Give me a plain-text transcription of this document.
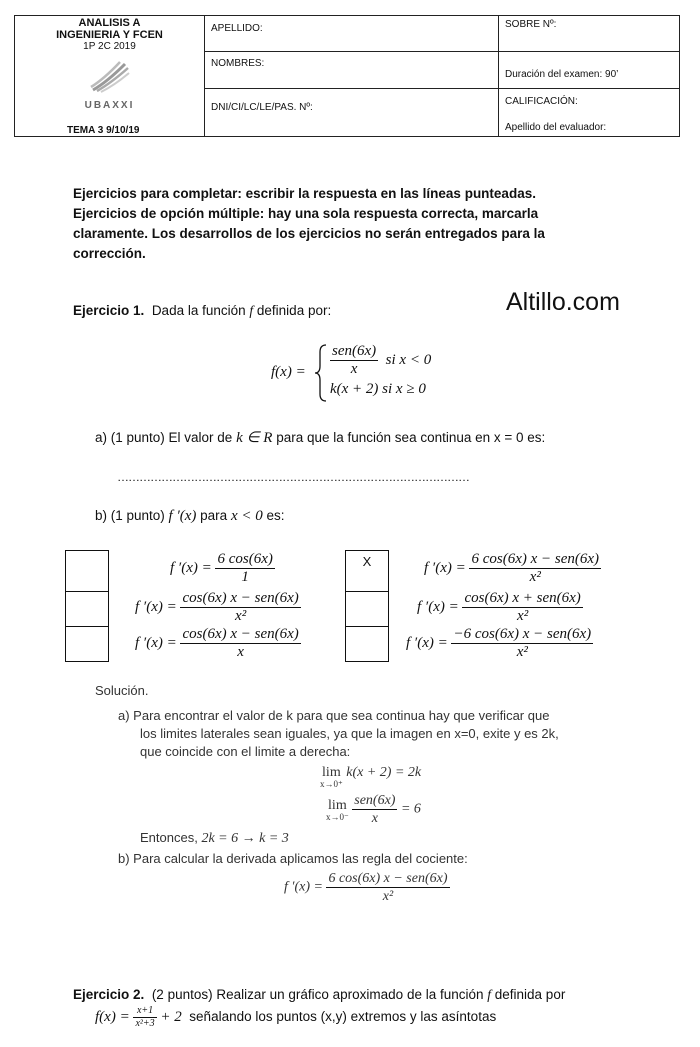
ANALISIS A
INGENIERIA Y FCEN
1P 2C 2019
UBAXXI
TEMA 3 9/10/19
APELLIDO:
NOMBRES:
DNI/CI/LC/LE/PAS. Nº:
SOBRE Nº:
Duración del examen: 90’
CALIFICACIÓN:
Apellido del evaluador:
Ejercicios para completar: escribir la respuesta en las líneas punteadas.
Ejercicios de opción múltiple: hay una sola respuesta correcta, marcarla
claramente. Los desarrollos de los ejercicios no serán entregados para la
corrección.
Altillo.com
Ejercicio 1. Dada la función f definida por:
$f(x) = \frac{\text{sen(6x)}}{x}$ si x < 0
k(x + 2) si x ≥ 0
a) (1 punto) El valor de k ∈ R para que la función sea continua en x = 0 es:
……………………………………………………………………………………
b) (1 punto) f ′(x) para x < 0 es:
f $'(x) = \frac{6 \cos(6x)}{1}$
f $'(x) = \frac{\text{cos(6x) x − sen(6x)}}{\text{x²}}$
f $'(x) = \frac{\text{cos(6x) x − sen(6x)}}{x}$
X	f $'(x) = \frac{\text{6 cos(6x) x − sen(6x)}}{\text{x²}}$
f $'(x) = \frac{\text{cos(6x) x + sen(6x)}}{\text{x²}}$
f $'(x) = \frac{\text{−6 cos(6x) x − sen(6x)}}{\text{x²}}$
Solución.
a) Para encontrar el valor de k para que sea continua hay que verificar que
los limites laterales sean iguales, ya que la imagen en x=0, exite y es 2k,
que coincide con el limite a derecha:
lim
x→0⁺
k(x + 2) = 2k
lim
x→0⁻
$\frac{\text{sen(6x)}}{x} = 6$
Entonces, 2k = 6 → k = 3
b) Para calcular la derivada aplicamos las regla del cociente:
f $'(x) = \frac{\text{6 cos(6x) x − sen(6x)}}{\text{x²}}$
Ejercicio 2. (2 puntos) Realizar un gráfico aproximado de la función f definida por
$f(x) = \frac{x+1}{\text{x²+3}} + 2$ señalando los puntos (x,y) extremos y las asíntotas
